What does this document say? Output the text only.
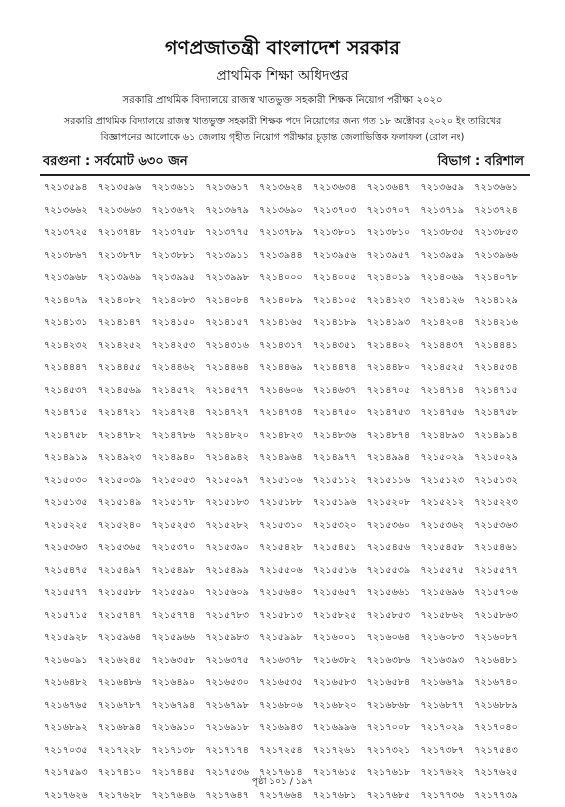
গণপ্রজাতন্ত্রী বাংলাদেশ সরকার
প্রাথমিক শিক্ষা অধিদপ্তর
সরকারি প্রাথমিক বিদ্যালয়ে রাজস্ব খাতভুক্ত সহকারী শিক্ষক নিয়োগ পরীক্ষা ২০২০
সরকারি প্রাথমিক বিদ্যালয়ে রাজস্ব খাতভুক্ত সহকারী শিক্ষক পদে নিয়োগের জন্য গত ১৮ অক্টোবর ২০২০ ইং তারিখের
বিজ্ঞাপনের আলোকে ৬১ জেলায় গৃহীত নিয়োগ পরীক্ষার চূড়ান্ত জেলাভিত্তিক ফলাফল (রোল নং)
বরগুনা : সর্বমোট ৬৩০ জন	বিভাগ : বরিশাল
৭২১৩৫৯৪	৭২১৩৫৯৬	৭২১৩৬১১	৭২১৩৬১৭	৭২১৩৬২৪	৭২১৩৬৩৪	৭২১৩৬৪৭	৭২১৩৬৫৯	৭২১৩৬৬১
৭২১৩৬৬২	৭২১৩৬৬৩	৭২১৩৬৭২	৭২১৩৬৭৯	৭২১৩৬৯০	৭২১৩৭০৩	৭২১৩৭০৭	৭২১৩৭১৯	৭২১৩৭২৪
৭২১৩৭২৫	৭২১৩৭৪৮	৭২১৩৭৫৮	৭২১৩৭৭৫	৭২১৩৭৮৯	৭২১৩৮০১	৭২১৩৮১০	৭২১৩৮৩৫	৭২১৩৮৫৩
৭২১৩৮৬৭	৭২১৩৮৭৮	৭২১৩৮৮১	৭২১৩৯১১	৭২১৩৯৪৪	৭২১৩৯৫৬	৭২১৩৯৫৭	৭২১৩৯৫৯	৭২১৩৯৬৬
৭২১৩৯৬৮	৭২১৩৯৬৯	৭২১৩৯৯৫	৭২১৩৯৯৮	৭২১৪০০০	৭২১৪০০৫	৭২১৪০১৯	৭২১৪০৬৯	৭২১৪০৭৮
৭২১৪০৭৯	৭২১৪০৮২	৭২১৪০৮৩	৭২১৪০৮৪	৭২১৪০৮৯	৭২১৪১০৫	৭২১৪১২৩	৭২১৪১২৬	৭২১৪১২৯
৭২১৪১৩১	৭২১৪১৪৭	৭২১৪১৫০	৭২১৪১৫৭	৭২১৪১৬৫	৭২১৪১৮৯	৭২১৪১৯৩	৭২১৪২০৪	৭২১৪২১৬
৭২১৪২৩২	৭২১৪২৫২	৭২১৪২৫৩	৭২১৪৩১৬	৭২১৪৩১৭	৭২১৪৩৫১	৭২১৪৪০২	৭২১৪৪৩৭	৭২১৪৪৪১
৭২১৪৪৪৭	৭২১৪৪৫৫	৭২১৪৪৬২	৭২১৪৪৬৪	৭২১৪৪৬৯	৭২১৪৪৭৪	৭২১৪৪৮০	৭২১৪৫২৫	৭২১৪৫৩৪
৭২১৪৫৩৭	৭২১৪৫৬৯	৭২১৪৫৭২	৭২১৪৫৭৭	৭২১৪৬০৬	৭২১৪৬৩৭	৭২১৪৭০৫	৭২১৪৭১৪	৭২১৪৭১৫
৭২১৪৭১৫	৭২১৪৭২১	৭২১৪৭২৪	৭২১৪৭২৭	৭২১৪৭৩৪	৭২১৪৭৫০	৭২১৪৭৫৩	৭২১৪৭৫৬	৭২১৪৭৫৮
৭২১৪৭৫৮	৭২১৪৭৮২	৭২১৪৭৮৬	৭২১৪৮২০	৭২১৪৮২৩	৭২১৪৮৩৬	৭২১৪৮৭৪	৭২১৪৮৯৩	৭২১৪৯১৪
৭২১৪৯১৯	৭২১৪৯২৩	৭২১৪৯৪০	৭২১৪৯৪২	৭২১৪৯৬৪	৭২১৪৯৭৭	৭২১৪৯৯৪	৭২১৫০২৯	৭২১৫০২৯
৭২১৫০৩০	৭২১৫০৩৯	৭২১৫০৫৩	৭২১৫০৯৭	৭২১৫১০৬	৭২১৫১১২	৭২১৫১১৬	৭২১৫১২৩	৭২১৫১৩২
৭২১৫১৩৫	৭২১৫১৪৯	৭২১৫১৭৮	৭২১৫১৮৩	৭২১৫১৮৮	৭২১৫১৯৬	৭২১৫২০৮	৭২১৫২১২	৭২১৫২২৩
৭২১৫২২৫	৭২১৫২৪০	৭২১৫২৫৩	৭২১৫২৮২	৭২১৫৩১০	৭২১৫৩২০	৭২১৫৩৬০	৭২১৫৩৬২	৭২১৫৩৬৩
৭২১৫৩৬৩	৭২১৫৩৬৫	৭২১৫৩৭০	৭২১৫৩৯০	৭২১৫৪২৮	৭২১৫৪৫১	৭২১৫৪৫৬	৭২১৫৪৫৮	৭২১৫৪৬১
৭২১৫৪৭৫	৭২১৫৪৯৭	৭২১৫৪৯৮	৭২১৫৪৯৯	৭২১৫৫০৬	৭২১৫৫১৬	৭২১৫৫৩৯	৭২১৫৫৭৫	৭২১৫৫৭৭
৭২১৫৫৭৭	৭২১৫৫৮৮	৭২১৫৫৯০	৭২১৫৬০৯	৭২১৫৬৪০	৭২১৫৬৫৭	৭২১৫৬৬১	৭২১৫৬৯৬	৭২১৫৭০৬
৭২১৫৭১৫	৭২১৫৭৪৭	৭২১৫৭৭৪	৭২১৫৭৮৩	৭২১৫৮১৩	৭২১৫৮২৫	৭২১৫৮৫৩	৭২১৫৮৬২	৭২১৫৮৬৩
৭২১৫৯২৮	৭২১৫৯৬৪	৭২১৫৯৬৬	৭২১৫৯৮৩	৭২১৫৯৯৮	৭২১৬০০১	৭২১৬০৬৪	৭২১৬০৮৩	৭২১৬০৮৭
৭২১৬০৯১	৭২১৬২৪৫	৭২১৬৩৫৮	৭২১৬৩৭৫	৭২১৬৩৭৮	৭২১৬৩৮২	৭২১৬৩৮৬	৭২১৬৩৯৩	৭২১৬৪৮১
৭২১৬৪৮২	৭২১৬৪৮৬	৭২১৬৪৯০	৭২১৬৫৩০	৭২১৬৫৩৫	৭২১৬৫৮৩	৭২১৬৫৮৪	৭২১৬৬৭৯	৭২১৬৭৪০
৭২১৬৭৬৫	৭২১৬৭৮৭	৭২১৬৭৯৪	৭২১৬৭৯৮	৭২১৬৮০৬	৭২১৬৮২০	৭২১৬৮৬৮	৭২১৬৮৭৭	৭২১৬৮৮৯
৭২১৬৮৯২	৭২১৬৮৯৪	৭২১৬৯১০	৭২১৬৯১৮	৭২১৬৯৪৩	৭২১৬৯৯৬	৭২১৭০০৮	৭২১৭০২৯	৭২১৭০৪০
৭২১৭০৩৫	৭২১৭২২৮	৭২১৭১৩৮	৭২১৭১৭৪	৭২১৭২৫৪	৭২১৭২৬১	৭২১৭৩২১	৭২১৭৩৮৭	৭২১৭৫৪৩
৭২১৭৫৯৩	৭২১৭৪১০	৭২১৭৪৪৫	৭২১৭৫৩৬	৭২১৭৬১৪	৭২১৭৬১৫	৭২১৭৬১৮	৭২১৭৬২২	৭২১৭৬২৫
৭২১৭৬২৬	৭২১৭৬২৮	৭২১৭৬৪৬	৭২১৭৬৪৭	৭২১৭৬৬৪	৭২১৭৬৮১	৭২১৭৬৮৫	৭২১৭৭৩৬	৭২১৭৭৩৯
পৃষ্ঠা ১০১ / ১৯৭
